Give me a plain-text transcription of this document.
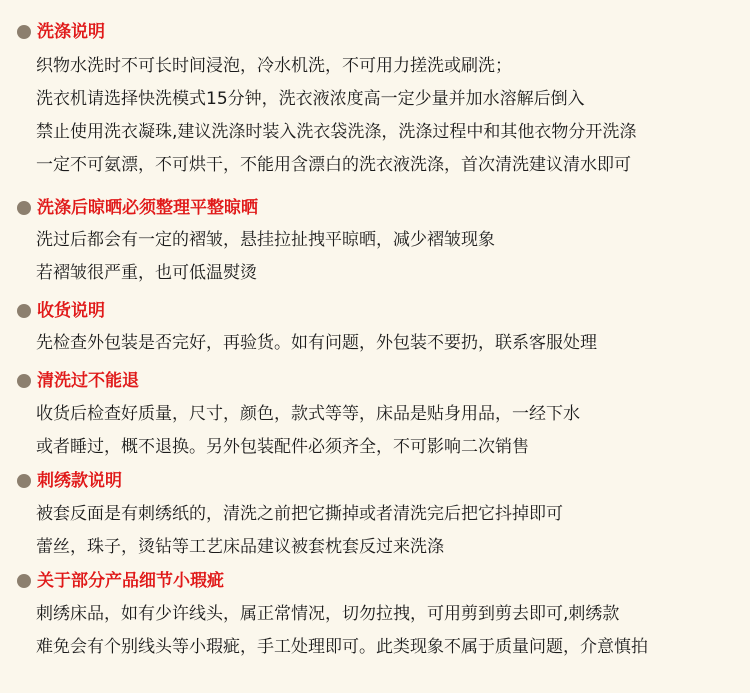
洗涤说明
织物水洗时不可长时间浸泡，冷水机洗，不可用力搓洗或刷洗；
洗衣机请选择快洗模式15分钟，洗衣液浓度高一定少量并加水溶解后倒入
禁止使用洗衣凝珠,建议洗涤时装入洗衣袋洗涤，洗涤过程中和其他衣物分开洗涤
一定不可氨漂，不可烘干，不能用含漂白的洗衣液洗涤，首次清洗建议清水即可
洗涤后晾晒必须整理平整晾晒
洗过后都会有一定的褶皱，悬挂拉扯拽平晾晒，减少褶皱现象
若褶皱很严重，也可低温熨烫
收货说明
先检查外包装是否完好，再验货。如有问题，外包装不要扔，联系客服处理
清洗过不能退
收货后检查好质量，尺寸，颜色，款式等等，床品是贴身用品，一经下水
或者睡过，概不退换。另外包装配件必须齐全，不可影响二次销售
刺绣款说明
被套反面是有刺绣纸的，清洗之前把它撕掉或者清洗完后把它抖掉即可
蕾丝，珠子，烫钻等工艺床品建议被套枕套反过来洗涤
关于部分产品细节小瑕疵
刺绣床品，如有少许线头，属正常情况，切勿拉拽，可用剪到剪去即可,刺绣款
难免会有个别线头等小瑕疵，手工处理即可。此类现象不属于质量问题，介意慎拍
